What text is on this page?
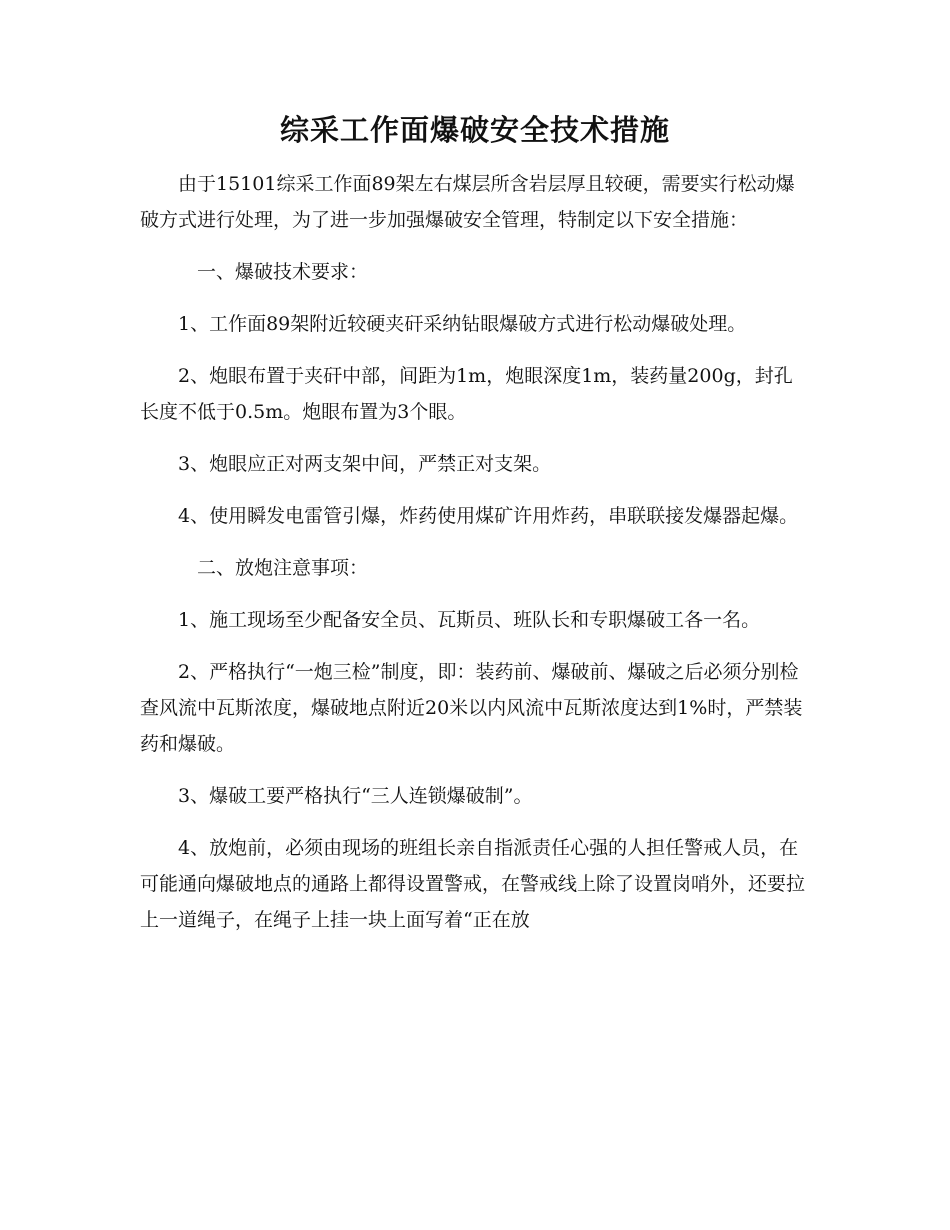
综采工作面爆破安全技术措施

由于15101综采工作面89架左右煤层所含岩层厚且较硬，需要实行松动爆破方式进行处理，为了进一步加强爆破安全管理，特制定以下安全措施：

一、爆破技术要求：

1、工作面89架附近较硬夹矸采纳钻眼爆破方式进行松动爆破处理。

2、炮眼布置于夹矸中部，间距为1m，炮眼深度1m，装药量200g，封孔长度不低于0.5m。炮眼布置为3个眼。

3、炮眼应正对两支架中间，严禁正对支架。

4、使用瞬发电雷管引爆，炸药使用煤矿许用炸药，串联联接发爆器起爆。

二、放炮注意事项：

1、施工现场至少配备安全员、瓦斯员、班队长和专职爆破工各一名。

2、严格执行“一炮三检”制度，即：装药前、爆破前、爆破之后必须分别检查风流中瓦斯浓度，爆破地点附近20米以内风流中瓦斯浓度达到1%时，严禁装药和爆破。

3、爆破工要严格执行“三人连锁爆破制”。

4、放炮前，必须由现场的班组长亲自指派责任心强的人担任警戒人员，在可能通向爆破地点的通路上都得设置警戒，在警戒线上除了设置岗哨外，还要拉上一道绳子，在绳子上挂一块上面写着“正在放
